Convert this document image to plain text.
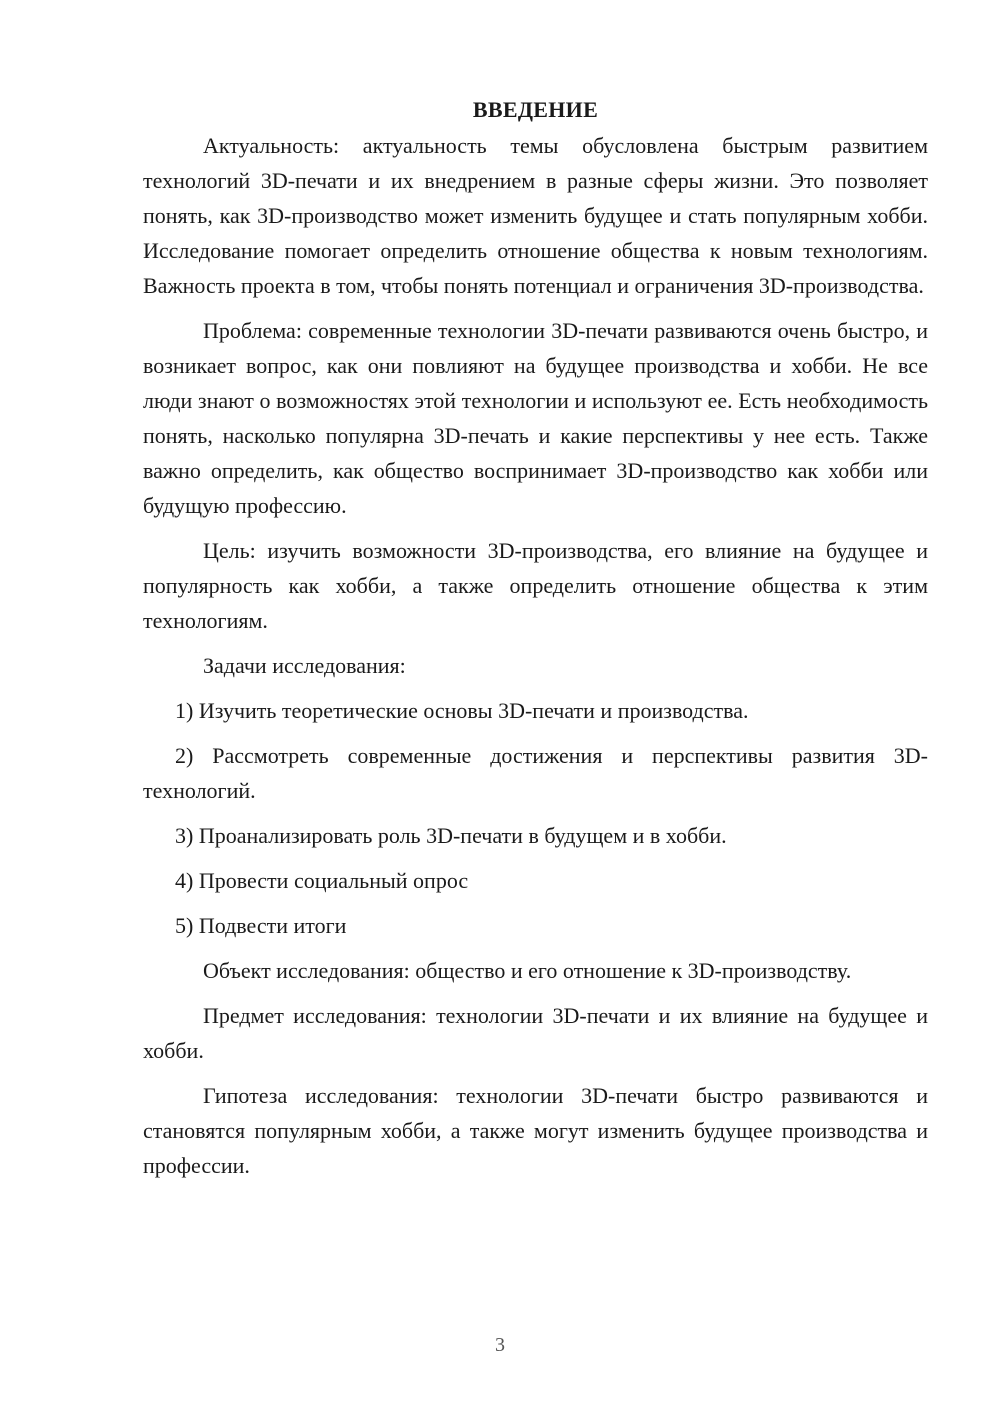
ВВЕДЕНИЕ

Актуальность: актуальность темы обусловлена быстрым развитием технологий 3D-печати и их внедрением в разные сферы жизни. Это позволяет понять, как 3D-производство может изменить будущее и стать популярным хобби. Исследование помогает определить отношение общества к новым технологиям. Важность проекта в том, чтобы понять потенциал и ограничения 3D-производства.

Проблема: современные технологии 3D-печати развиваются очень быстро, и возникает вопрос, как они повлияют на будущее производства и хобби. Не все люди знают о возможностях этой технологии и используют ее. Есть необходимость понять, насколько популярна 3D-печать и какие перспективы у нее есть. Также важно определить, как общество воспринимает 3D-производство как хобби или будущую профессию.

Цель: изучить возможности 3D-производства, его влияние на будущее и популярность как хобби, а также определить отношение общества к этим технологиям.

Задачи исследования:

1) Изучить теоретические основы 3D-печати и производства.

2) Рассмотреть современные достижения и перспективы развития 3D-технологий.

3) Проанализировать роль 3D-печати в будущем и в хобби.

4) Провести социальный опрос

5) Подвести итоги

Объект исследования: общество и его отношение к 3D-производству.

Предмет исследования: технологии 3D-печати и их влияние на будущее и хобби.

Гипотеза исследования: технологии 3D-печати быстро развиваются и становятся популярным хобби, а также могут изменить будущее производства и профессии.

3
